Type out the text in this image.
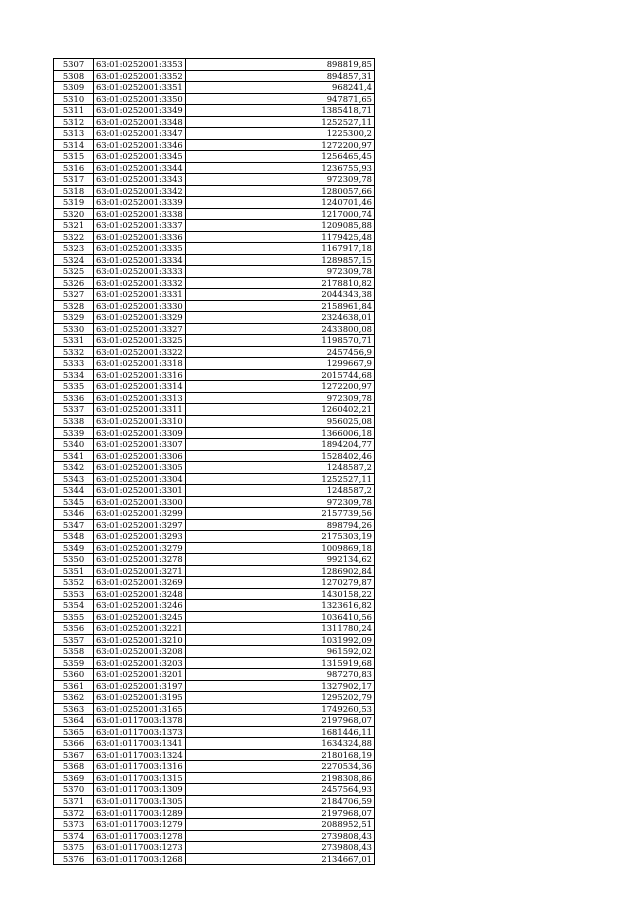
5307	63:01:0252001:3353	898819,85
5308	63:01:0252001:3352	894857,31
5309	63:01:0252001:3351	968241,4
5310	63:01:0252001:3350	947871,65
5311	63:01:0252001:3349	1385418,71
5312	63:01:0252001:3348	1252527,11
5313	63:01:0252001:3347	1225300,2
5314	63:01:0252001:3346	1272200,97
5315	63:01:0252001:3345	1256465,45
5316	63:01:0252001:3344	1236755,93
5317	63:01:0252001:3343	972309,78
5318	63:01:0252001:3342	1280057,66
5319	63:01:0252001:3339	1240701,46
5320	63:01:0252001:3338	1217000,74
5321	63:01:0252001:3337	1209085,88
5322	63:01:0252001:3336	1179425,48
5323	63:01:0252001:3335	1167917,18
5324	63:01:0252001:3334	1289857,15
5325	63:01:0252001:3333	972309,78
5326	63:01:0252001:3332	2178810,82
5327	63:01:0252001:3331	2044343,38
5328	63:01:0252001:3330	2158961,84
5329	63:01:0252001:3329	2324638,01
5330	63:01:0252001:3327	2433800,08
5331	63:01:0252001:3325	1198570,71
5332	63:01:0252001:3322	2457456,9
5333	63:01:0252001:3318	1299667,9
5334	63:01:0252001:3316	2015744,68
5335	63:01:0252001:3314	1272200,97
5336	63:01:0252001:3313	972309,78
5337	63:01:0252001:3311	1260402,21
5338	63:01:0252001:3310	956025,08
5339	63:01:0252001:3309	1366006,18
5340	63:01:0252001:3307	1894204,77
5341	63:01:0252001:3306	1528402,46
5342	63:01:0252001:3305	1248587,2
5343	63:01:0252001:3304	1252527,11
5344	63:01:0252001:3301	1248587,2
5345	63:01:0252001:3300	972309,78
5346	63:01:0252001:3299	2157739,56
5347	63:01:0252001:3297	898794,26
5348	63:01:0252001:3293	2175303,19
5349	63:01:0252001:3279	1009869,18
5350	63:01:0252001:3278	992134,62
5351	63:01:0252001:3271	1286902,84
5352	63:01:0252001:3269	1270279,87
5353	63:01:0252001:3248	1430158,22
5354	63:01:0252001:3246	1323616,82
5355	63:01:0252001:3245	1036410,56
5356	63:01:0252001:3221	1311780,24
5357	63:01:0252001:3210	1031992,09
5358	63:01:0252001:3208	961592,02
5359	63:01:0252001:3203	1315919,68
5360	63:01:0252001:3201	987270,83
5361	63:01:0252001:3197	1327902,17
5362	63:01:0252001:3195	1295202,79
5363	63:01:0252001:3165	1749260,53
5364	63:01:0117003:1378	2197968,07
5365	63:01:0117003:1373	1681446,11
5366	63:01:0117003:1341	1634324,88
5367	63:01:0117003:1324	2180168,19
5368	63:01:0117003:1316	2270534,36
5369	63:01:0117003:1315	2198308,86
5370	63:01:0117003:1309	2457564,93
5371	63:01:0117003:1305	2184706,59
5372	63:01:0117003:1289	2197968,07
5373	63:01:0117003:1279	2088952,51
5374	63:01:0117003:1278	2739808,43
5375	63:01:0117003:1273	2739808,43
5376	63:01:0117003:1268	2134667,01
